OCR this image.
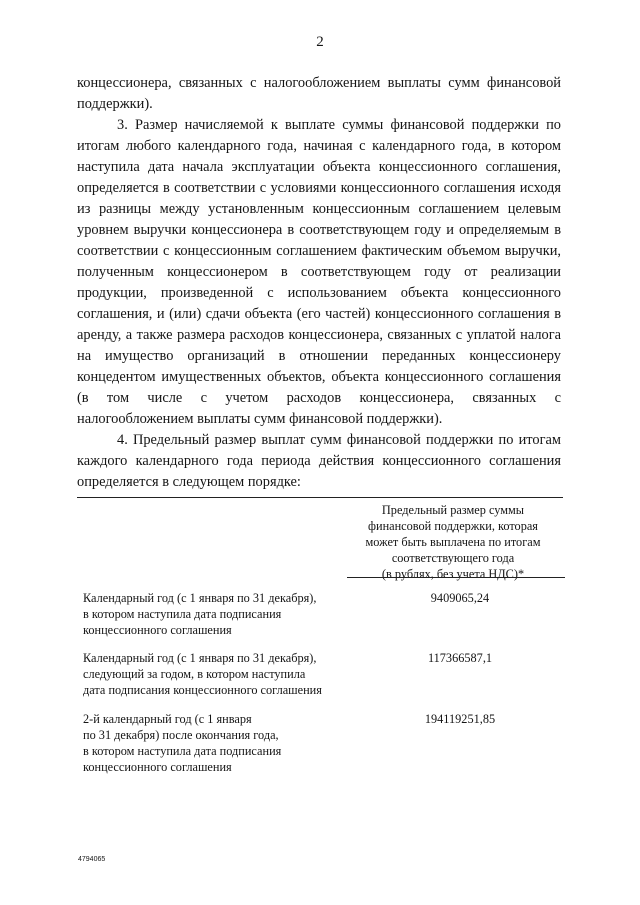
2

концессионера, связанных с налогообложением выплаты сумм финансовой поддержки).

3. Размер начисляемой к выплате суммы финансовой поддержки по итогам любого календарного года, начиная с календарного года, в котором наступила дата начала эксплуатации объекта концессионного соглашения, определяется в соответствии с условиями концессионного соглашения исходя из разницы между установленным концессионным соглашением целевым уровнем выручки концессионера в соответствующем году и определяемым в соответствии с концессионным соглашением фактическим объемом выручки, полученным концессионером в соответствующем году от реализации продукции, произведенной с использованием объекта концессионного соглашения, и (или) сдачи объекта (его частей) концессионного соглашения в аренду, а также размера расходов концессионера, связанных с уплатой налога на имущество организаций в отношении переданных концессионеру концедентом имущественных объектов, объекта концессионного соглашения (в том числе с учетом расходов концессионера, связанных с налогообложением выплаты сумм финансовой поддержки).

4. Предельный размер выплат сумм финансовой поддержки по итогам каждого календарного года периода действия концессионного соглашения определяется в следующем порядке:

Предельный размер суммы
финансовой поддержки, которая
может быть выплачена по итогам
соответствующего года
(в рублях, без учета НДС)*
Календарный год (с 1 января по 31 декабря),
в котором наступила дата подписания
концессионного соглашения
9409065,24
Календарный год (с 1 января по 31 декабря),
следующий за годом, в котором наступила
дата подписания концессионного соглашения
117366587,1
2-й календарный год (с 1 января
по 31 декабря) после окончания года,
в котором наступила дата подписания
концессионного соглашения
194119251,85
4794065
